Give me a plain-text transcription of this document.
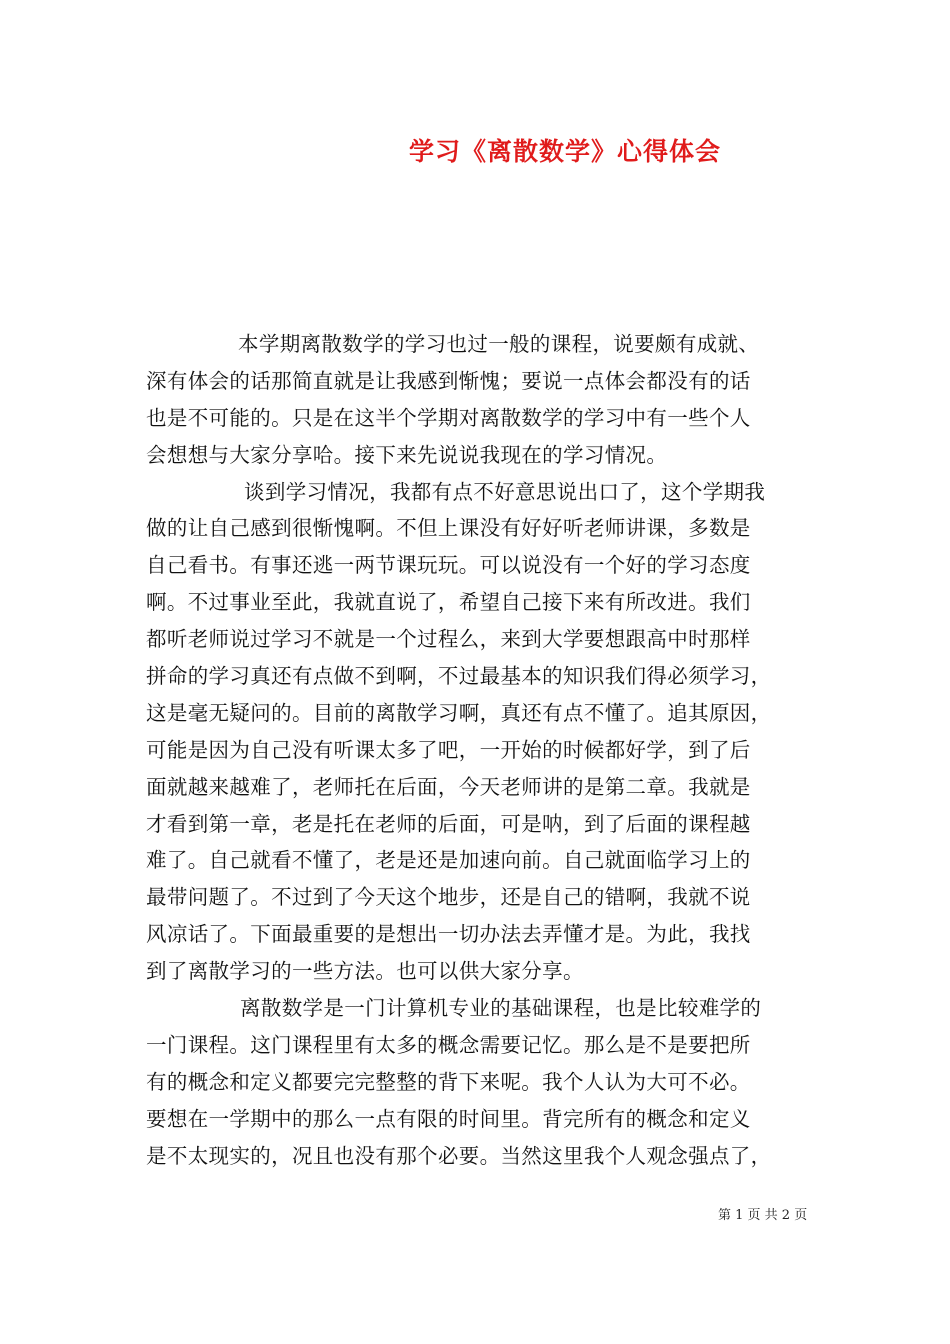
学习《离散数学》心得体会
本学期离散数学的学习也过一般的课程，说要颇有成就、
深有体会的话那简直就是让我感到惭愧；要说一点体会都没有的话
也是不可能的。只是在这半个学期对离散数学的学习中有一些个人
会想想与大家分享哈。接下来先说说我现在的学习情况。
谈到学习情况，我都有点不好意思说出口了，这个学期我
做的让自己感到很惭愧啊。不但上课没有好好听老师讲课，多数是
自己看书。有事还逃一两节课玩玩。可以说没有一个好的学习态度
啊。不过事业至此，我就直说了，希望自己接下来有所改进。我们
都听老师说过学习不就是一个过程么，来到大学要想跟高中时那样
拼命的学习真还有点做不到啊，不过最基本的知识我们得必须学习，
这是毫无疑问的。目前的离散学习啊，真还有点不懂了。追其原因，
可能是因为自己没有听课太多了吧，一开始的时候都好学，到了后
面就越来越难了，老师托在后面，今天老师讲的是第二章。我就是
才看到第一章，老是托在老师的后面，可是呐，到了后面的课程越
难了。自己就看不懂了，老是还是加速向前。自己就面临学习上的
最带问题了。不过到了今天这个地步，还是自己的错啊，我就不说
风凉话了。下面最重要的是想出一切办法去弄懂才是。为此，我找
到了离散学习的一些方法。也可以供大家分享。
离散数学是一门计算机专业的基础课程，也是比较难学的
一门课程。这门课程里有太多的概念需要记忆。那么是不是要把所
有的概念和定义都要完完整整的背下来呢。我个人认为大可不必。
要想在一学期中的那么一点有限的时间里。背完所有的概念和定义
是不太现实的，况且也没有那个必要。当然这里我个人观念强点了，
第 1 页 共 2 页
